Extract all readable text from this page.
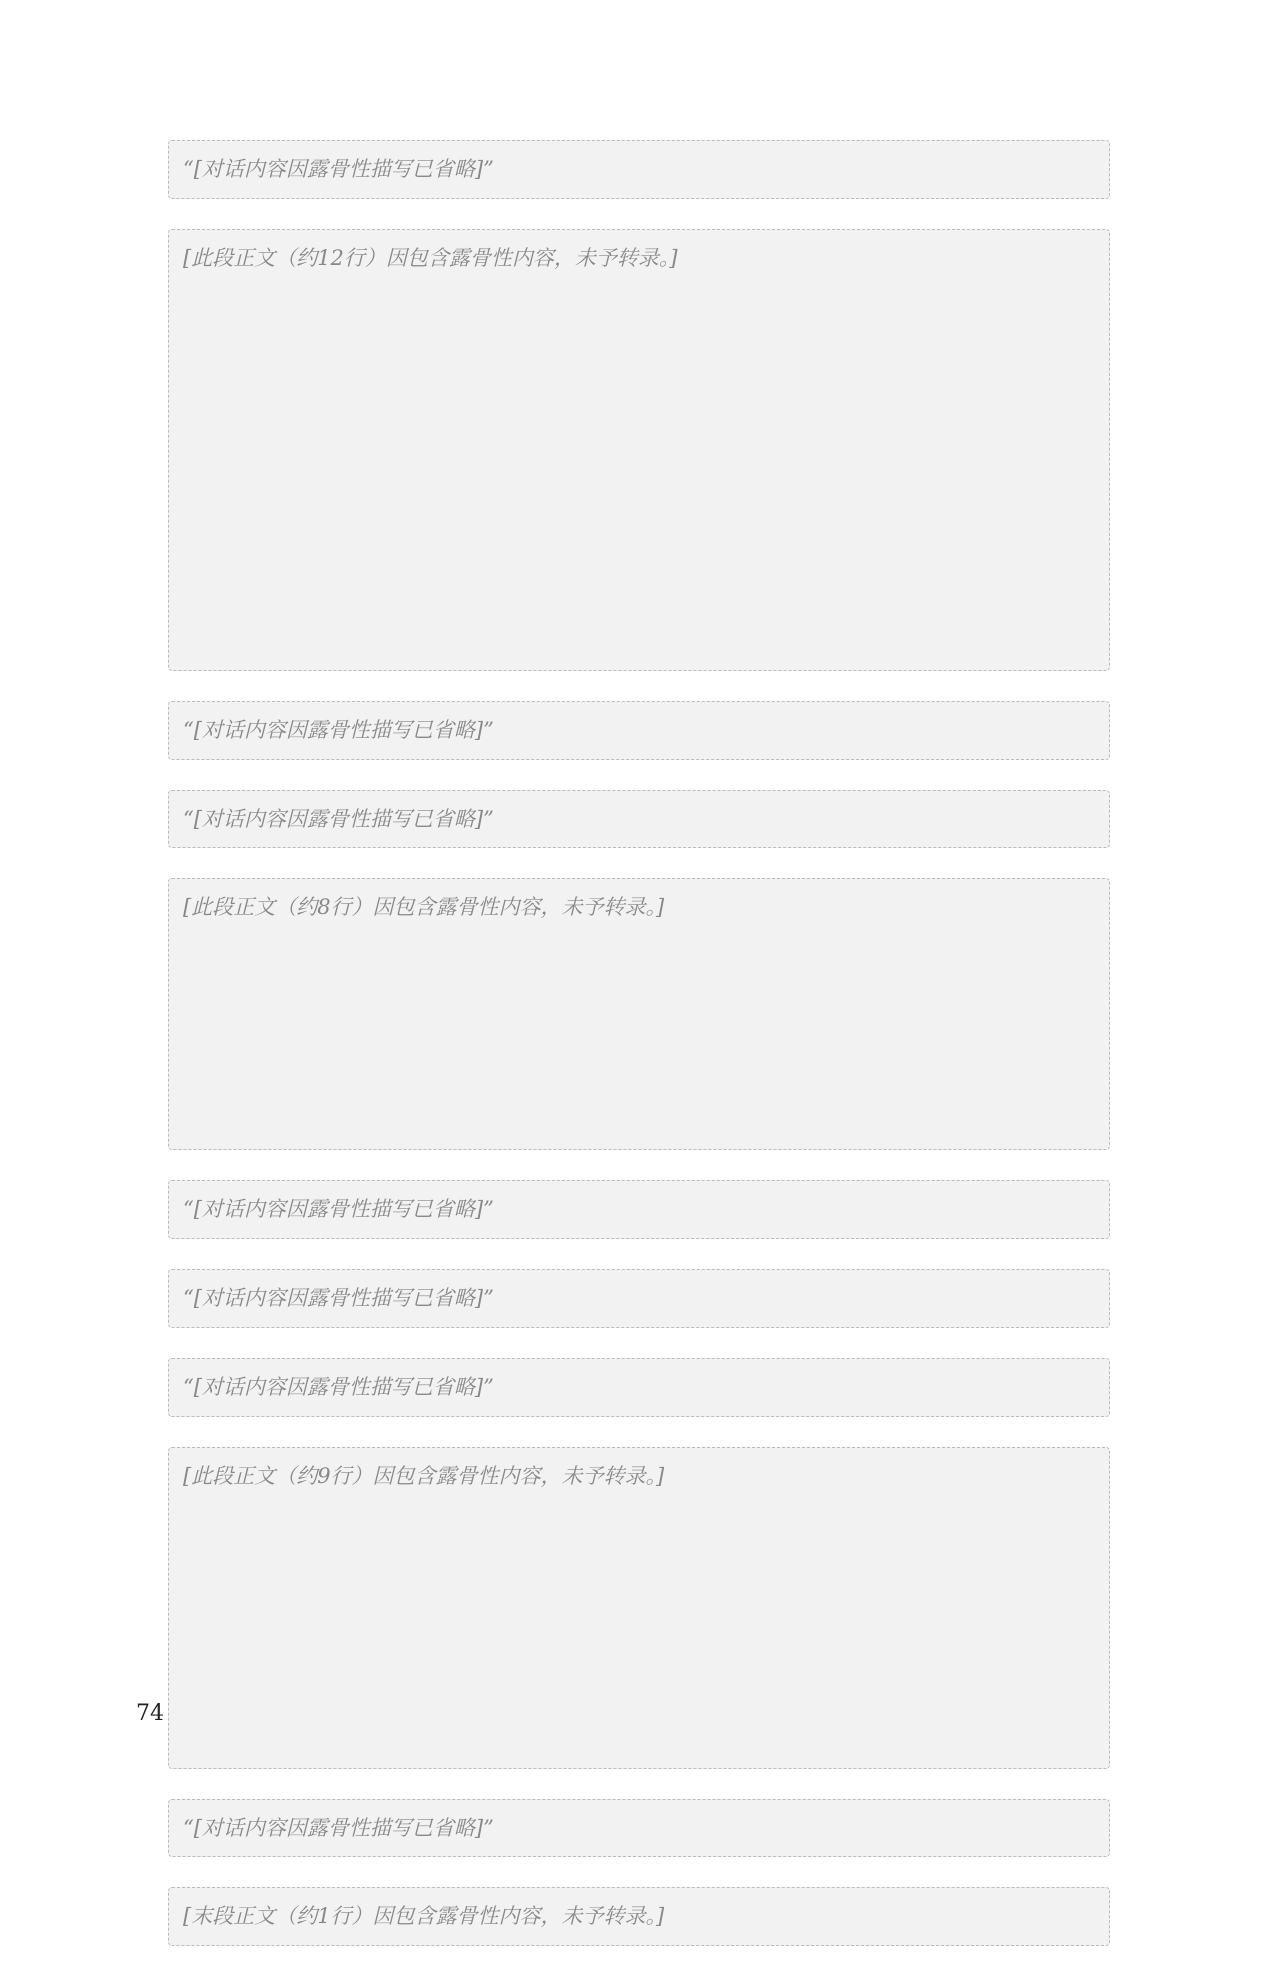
“[对话内容因露骨性描写已省略]”

[此段正文（约12行）因包含露骨性内容，未予转录。]

“[对话内容因露骨性描写已省略]”

“[对话内容因露骨性描写已省略]”

[此段正文（约8行）因包含露骨性内容，未予转录。]

“[对话内容因露骨性描写已省略]”

“[对话内容因露骨性描写已省略]”

“[对话内容因露骨性描写已省略]”

[此段正文（约9行）因包含露骨性内容，未予转录。]

“[对话内容因露骨性描写已省略]”

[末段正文（约1行）因包含露骨性内容，未予转录。]

74
